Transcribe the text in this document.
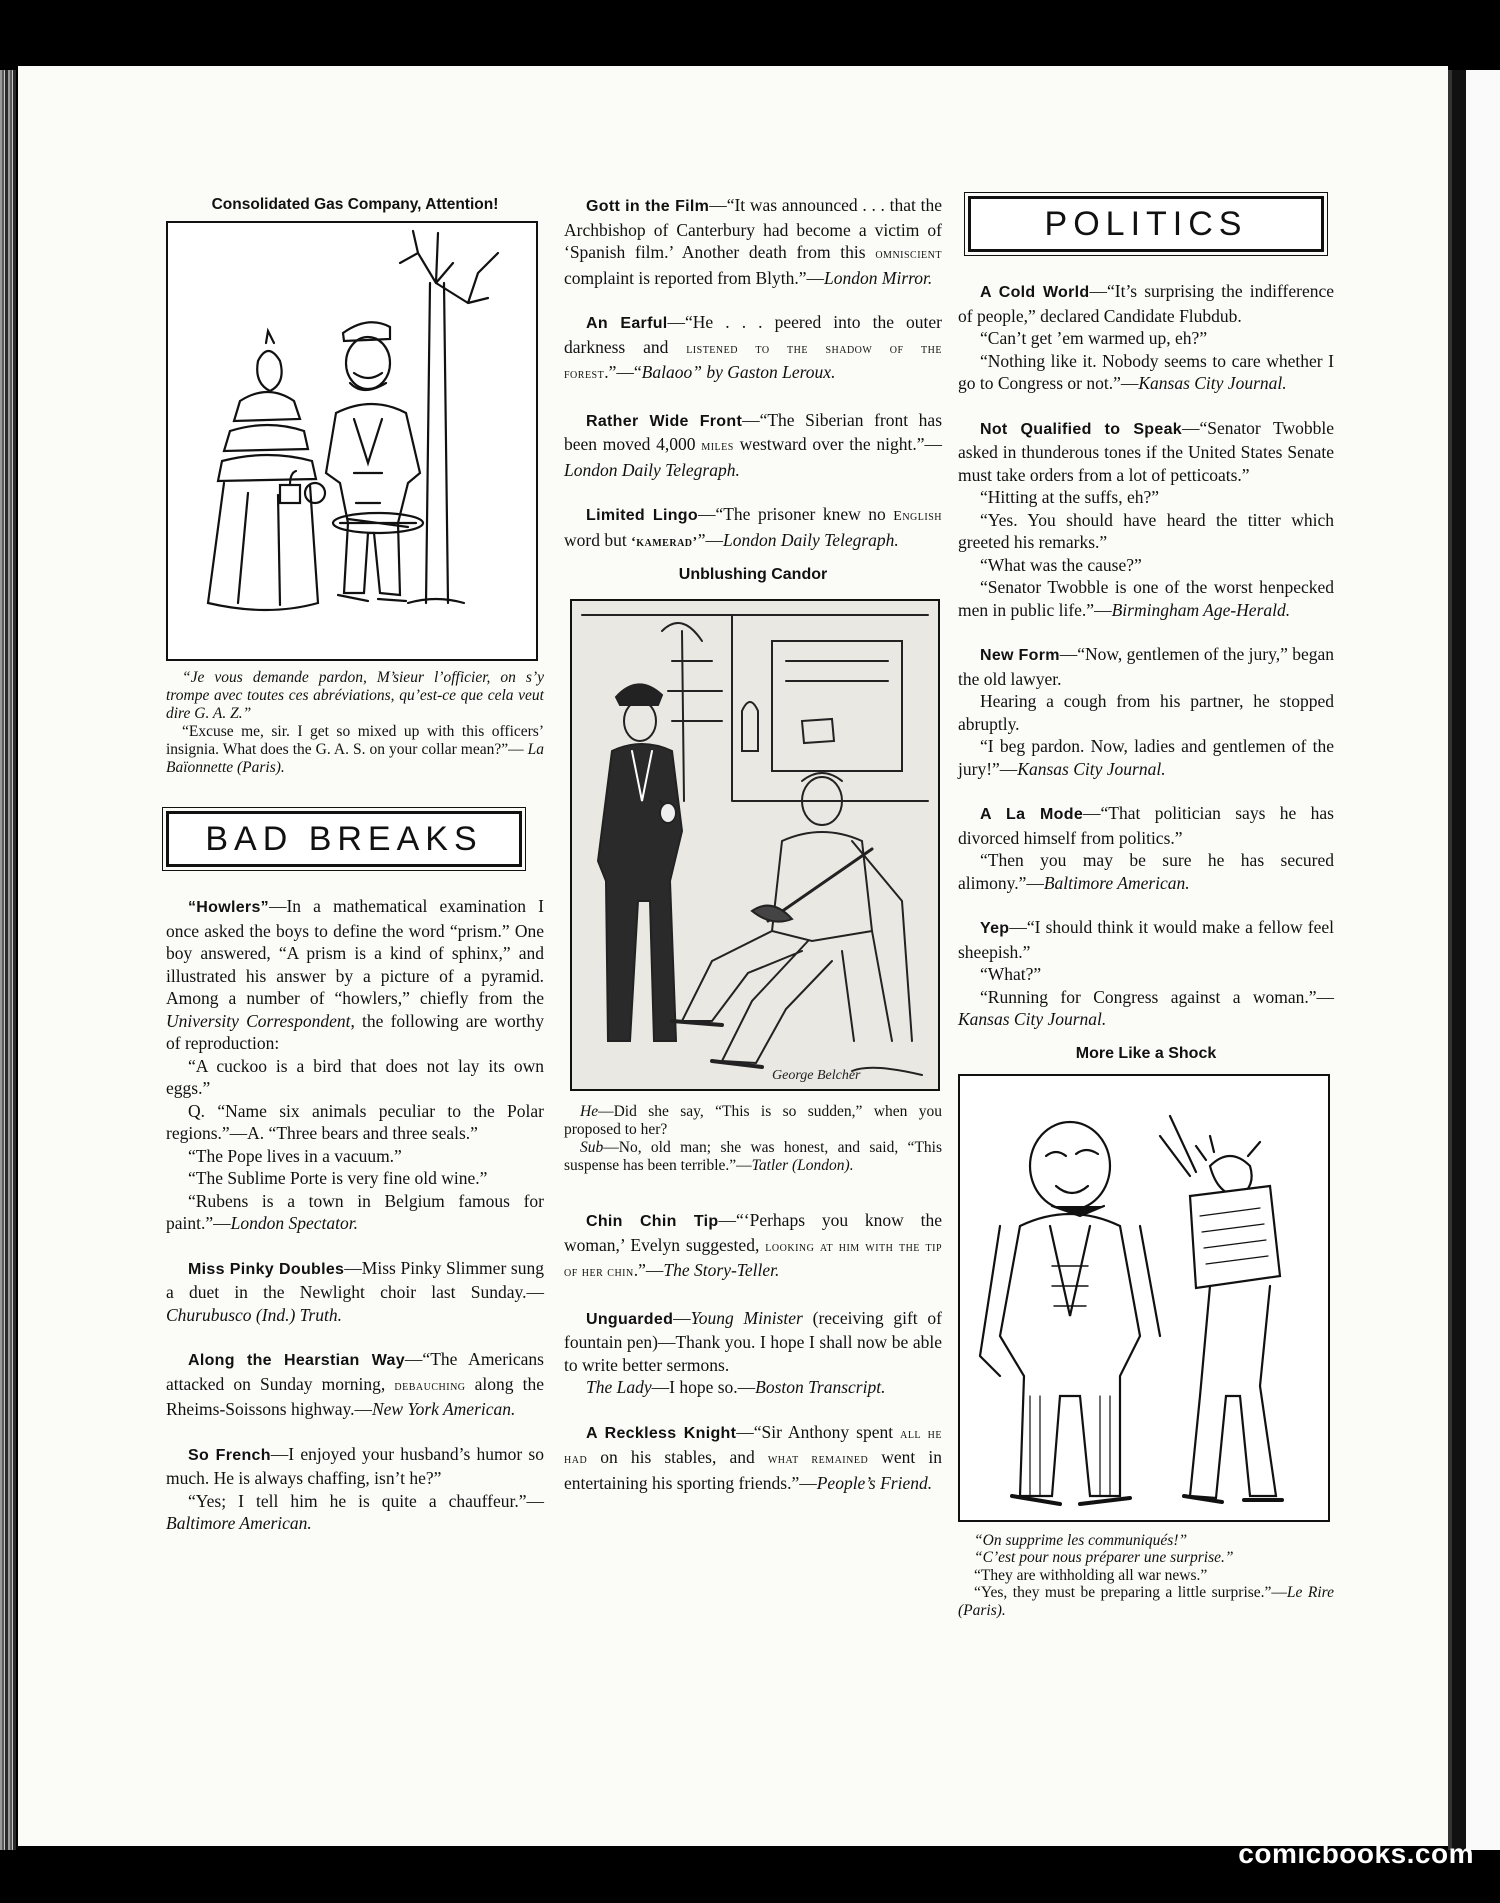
Consolidated Gas Company, Attention!

“Je vous demande pardon, M’sieur l’officier, on s’y trompe avec toutes ces abréviations, qu’est-ce que cela veut dire G. A. Z.”

“Excuse me, sir. I get so mixed up with this officers’ insignia. What does the G. A. S. on your collar mean?”— La Baïonnette (Paris).

BAD BREAKS

“Howlers”—In a mathematical examination I once asked the boys to define the word “prism.” One boy answered, “A prism is a kind of sphinx,” and illustrated his answer by a picture of a pyramid. Among a number of “howlers,” chiefly from the University Correspondent, the following are worthy of reproduction:

“A cuckoo is a bird that does not lay its own eggs.”

Q. “Name six animals peculiar to the Polar regions.”—A. “Three bears and three seals.”

“The Pope lives in a vacuum.”

“The Sublime Porte is very fine old wine.”

“Rubens is a town in Belgium famous for paint.”—London Spectator.

Miss Pinky Doubles—Miss Pinky Slimmer sung a duet in the Newlight choir last Sunday.—Churubusco (Ind.) Truth.

Along the Hearstian Way—“The Americans attacked on Sunday morning, debauching along the Rheims-Soissons highway.—New York American.

So French—I enjoyed your husband’s humor so much. He is always chaffing, isn’t he?”

“Yes; I tell him he is quite a chauffeur.”—Baltimore American.

Gott in the Film—“It was announced . . . that the Archbishop of Canterbury had become a victim of ‘Spanish film.’ Another death from this omniscient complaint is reported from Blyth.”—London Mirror.

An Earful—“He . . . peered into the outer darkness and listened to the shadow of the forest.”—“Balaoo” by Gaston Leroux.

Rather Wide Front—“The Siberian front has been moved 4,000 miles westward over the night.”—London Daily Telegraph.

Limited Lingo—“The prisoner knew no English word but ‘kamerad’”—London Daily Telegraph.

Unblushing Candor
George Belcher

He—Did she say, “This is so sudden,” when you proposed to her?

Sub—No, old man; she was honest, and said, “This suspense has been terrible.”—Tatler (London).

Chin Chin Tip—“‘Perhaps you know the woman,’ Evelyn suggested, looking at him with the tip of her chin.”—The Story-Teller.

Unguarded—Young Minister (receiving gift of fountain pen)—Thank you. I hope I shall now be able to write better sermons.

The Lady—I hope so.—Boston Transcript.

A Reckless Knight—“Sir Anthony spent all he had on his stables, and what remained went in entertaining his sporting friends.”—People’s Friend.

POLITICS

A Cold World—“It’s surprising the indifference of people,” declared Candidate Flubdub.

“Can’t get ’em warmed up, eh?”

“Nothing like it. Nobody seems to care whether I go to Congress or not.”—Kansas City Journal.

Not Qualified to Speak—“Senator Twobble asked in thunderous tones if the United States Senate must take orders from a lot of petticoats.”

“Hitting at the suffs, eh?”

“Yes. You should have heard the titter which greeted his remarks.”

“What was the cause?”

“Senator Twobble is one of the worst henpecked men in public life.”—Birmingham Age-Herald.

New Form—“Now, gentlemen of the jury,” began the old lawyer.

Hearing a cough from his partner, he stopped abruptly.

“I beg pardon. Now, ladies and gentlemen of the jury!”—Kansas City Journal.

A La Mode—“That politician says he has divorced himself from politics.”

“Then you may be sure he has secured alimony.”—Baltimore American.

Yep—“I should think it would make a fellow feel sheepish.”

“What?”

“Running for Congress against a woman.”—Kansas City Journal.

More Like a Shock

“On supprime les communiqués!”

“C’est pour nous préparer une surprise.”

“They are withholding all war news.”

“Yes, they must be preparing a little surprise.”—Le Rire (Paris).

comicbooks.com
